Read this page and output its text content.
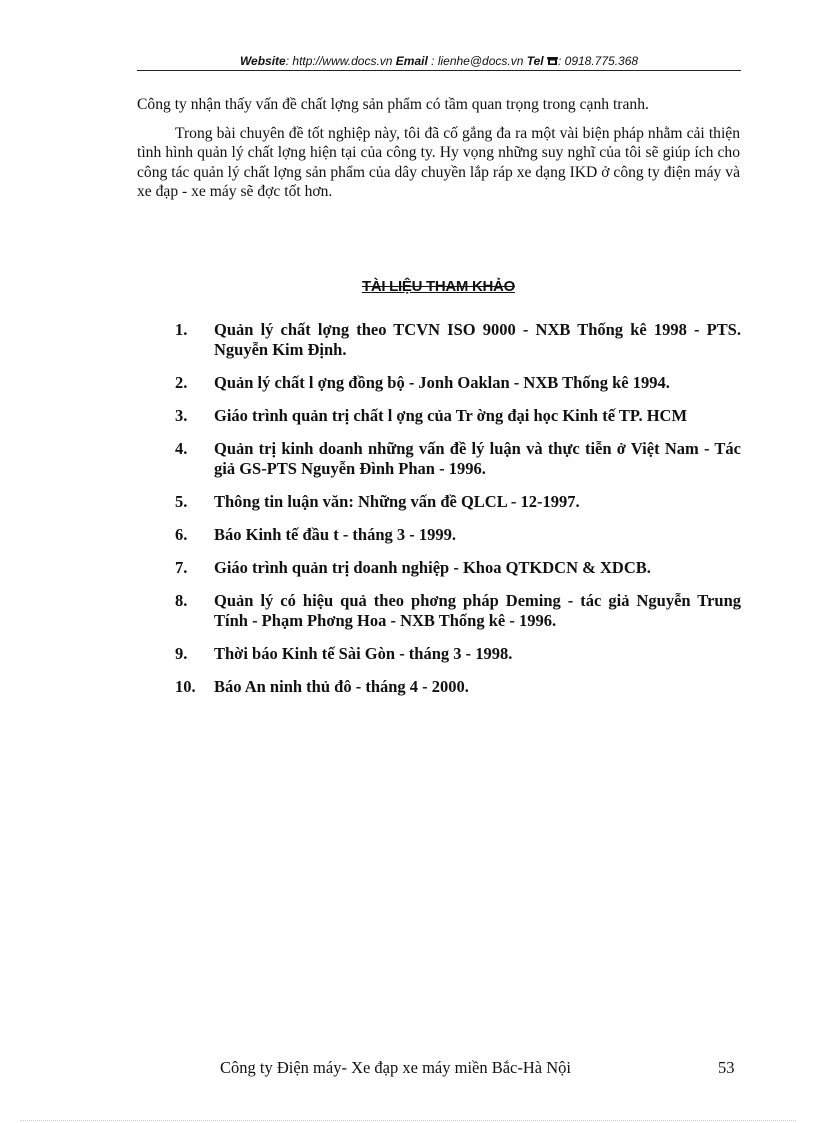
Website: http://www.docs.vn Email : lienhe@docs.vn Tel : 0918.775.368

Công ty nhận thấy vấn đề chất lợng sản phẩm có tầm quan trọng trong cạnh tranh.

Trong bài chuyên đề tốt nghiệp này, tôi đã cố gắng đa ra một vài biện pháp nhằm cải thiện tình hình quản lý chất lợng hiện tại của công ty. Hy vọng những suy nghĩ của tôi sẽ giúp ích cho công tác quản lý chất lợng sản phẩm của dây chuyền lắp ráp xe dạng IKD ở công ty điện máy và xe đạp - xe máy sẽ đợc tốt hơn.

TÀI LIỆU THAM KHẢO
1. Quản lý chất lợng theo TCVN ISO 9000 - NXB Thống kê 1998 - PTS. Nguyễn Kim Định.
2. Quản lý chất l ợng đồng bộ - Jonh Oaklan - NXB Thống kê 1994.
3. Giáo trình quản trị chất l ợng của Tr ờng đại học Kinh tế TP. HCM
4. Quản trị kinh doanh những vấn đề lý luận và thực tiễn ở Việt Nam - Tác giả GS-PTS Nguyễn Đình Phan - 1996.
5. Thông tin luận văn: Những vấn đề QLCL - 12-1997.
6. Báo Kinh tế đầu t - tháng 3 - 1999.
7. Giáo trình quản trị doanh nghiệp - Khoa QTKDCN & XDCB.
8. Quản lý có hiệu quả theo phơng pháp Deming - tác giả Nguyễn Trung Tính - Phạm Phơng Hoa - NXB Thống kê - 1996.
9. Thời báo Kinh tế Sài Gòn - tháng 3 - 1998.
10. Báo An ninh thủ đô - tháng 4 - 2000.
Công ty Điện máy- Xe đạp xe máy miền Bắc-Hà Nội	53
